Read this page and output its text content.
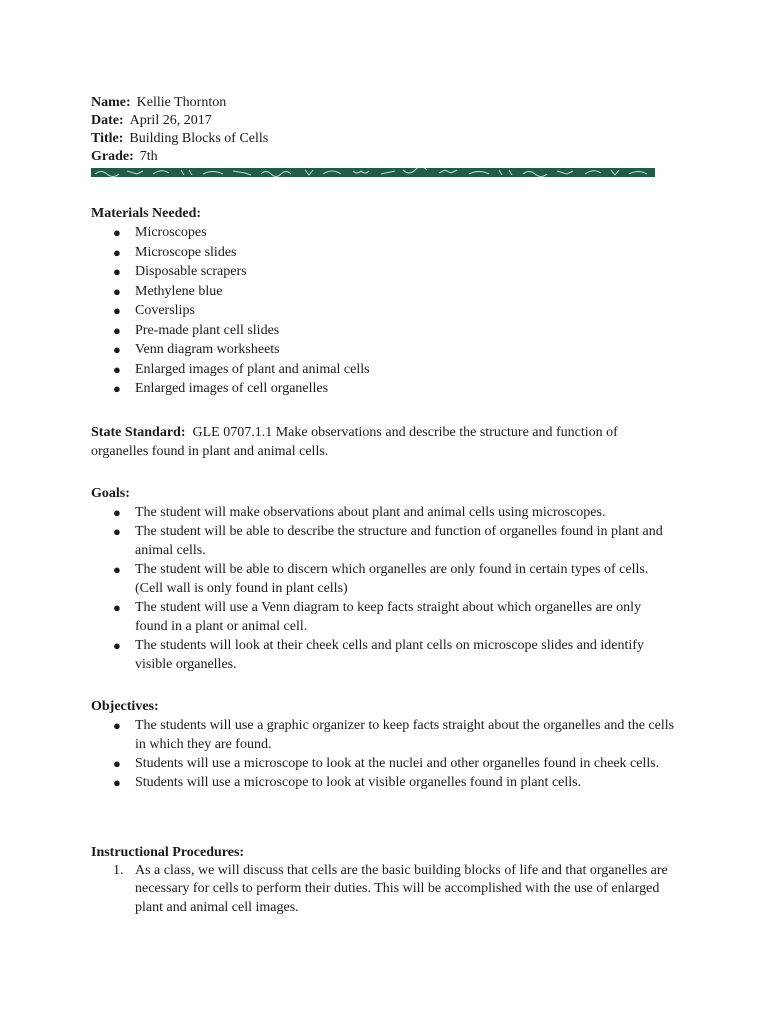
Name: Kellie Thornton
Date: April 26, 2017
Title: Building Blocks of Cells
Grade: 7th
Materials Needed:
● Microscopes
● Microscope slides
● Disposable scrapers
● Methylene blue
● Coverslips
● Pre-made plant cell slides
● Venn diagram worksheets
● Enlarged images of plant and animal cells
● Enlarged images of cell organelles
State Standard: GLE 0707.1.1 Make observations and describe the structure and function of organelles found in plant and animal cells.
Goals:
● The student will make observations about plant and animal cells using microscopes.
● The student will be able to describe the structure and function of organelles found in plant and animal cells.
● The student will be able to discern which organelles are only found in certain types of cells. (Cell wall is only found in plant cells)
● The student will use a Venn diagram to keep facts straight about which organelles are only found in a plant or animal cell.
● The students will look at their cheek cells and plant cells on microscope slides and identify visible organelles.
Objectives:
● The students will use a graphic organizer to keep facts straight about the organelles and the cells in which they are found.
● Students will use a microscope to look at the nuclei and other organelles found in cheek cells.
● Students will use a microscope to look at visible organelles found in plant cells.
Instructional Procedures:
1. As a class, we will discuss that cells are the basic building blocks of life and that organelles are necessary for cells to perform their duties. This will be accomplished with the use of enlarged plant and animal cell images.
